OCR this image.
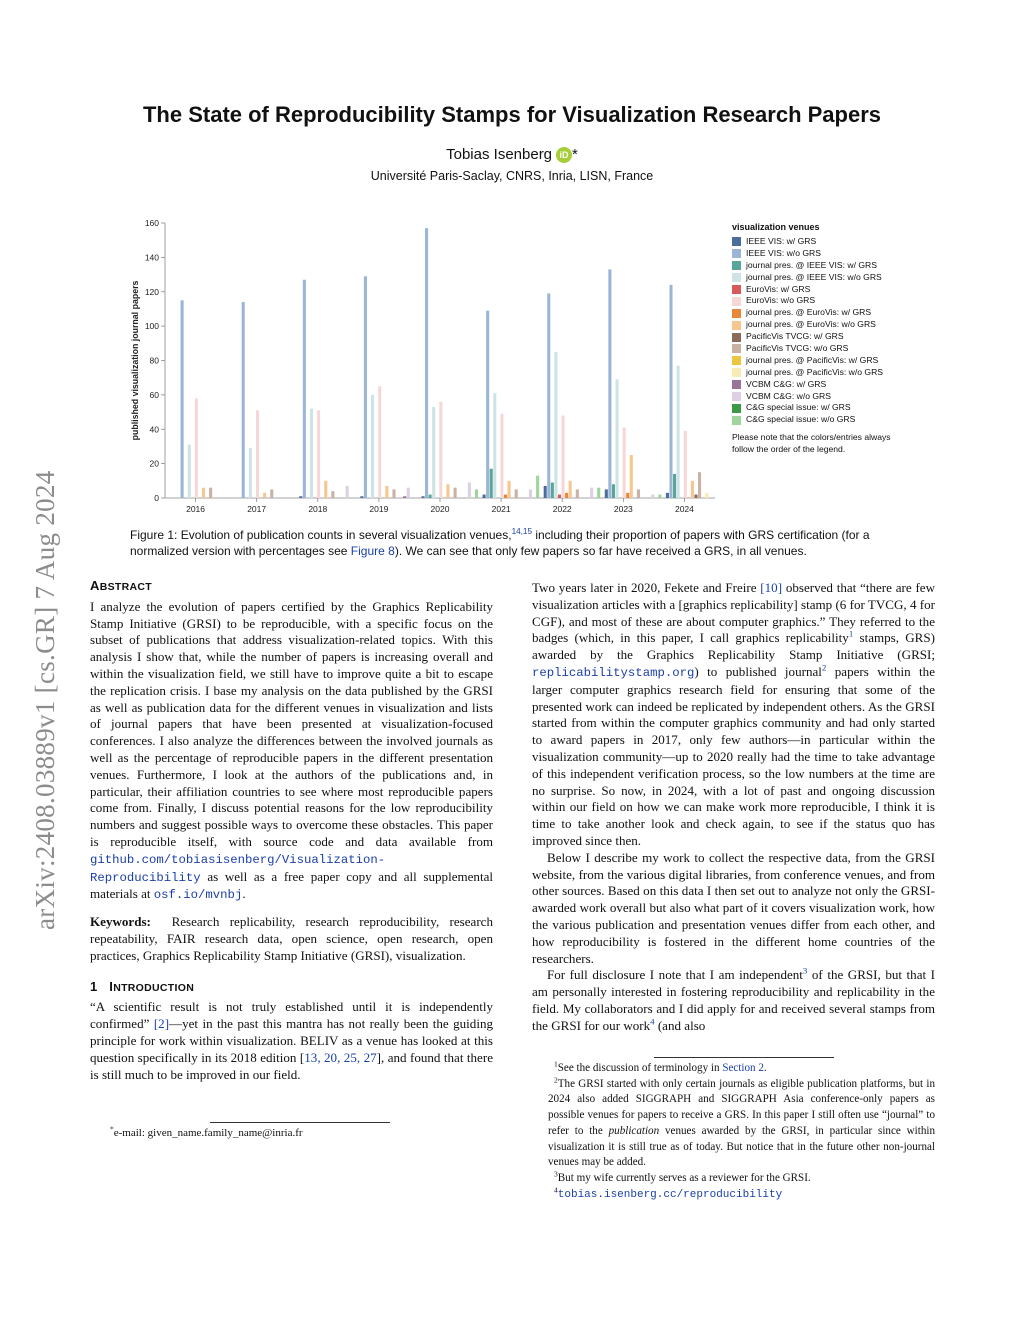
arXiv:2408.03889v1 [cs.GR] 7 Aug 2024
The State of Reproducibility Stamps for Visualization Research Papers
Tobias Isenberg iD *
Université Paris-Saclay, CNRS, Inria, LISN, France
0
20
40
60
80
100
120
140
160
published visualization journal papers
2016	2017	2018	2019	2020	2021	2022	2023	2024
visualization venues
IEEE VIS: w/ GRS
IEEE VIS: w/o GRS
journal pres. @ IEEE VIS: w/ GRS
journal pres. @ IEEE VIS: w/o GRS
EuroVis: w/ GRS
EuroVis: w/o GRS
journal pres. @ EuroVis: w/ GRS
journal pres. @ EuroVis: w/o GRS
PacificVis TVCG: w/ GRS
PacificVis TVCG: w/o GRS
journal pres. @ PacificVis: w/ GRS
journal pres. @ PacificVis: w/o GRS
VCBM C&G: w/ GRS
VCBM C&G: w/o GRS
C&G special issue: w/ GRS
C&G special issue: w/o GRS
Please note that the colors/entries always follow the order of the legend.
Figure 1: Evolution of publication counts in several visualization venues,$^{14,15}$ including their proportion of papers with GRS certification (for a normalized version with percentages see Figure 8). We can see that only few papers so far have received a GRS, in all venues.
ABSTRACT

I analyze the evolution of papers certified by the Graphics Replicability Stamp Initiative (GRSI) to be reproducible, with a specific focus on the subset of publications that address visualization-related topics. With this analysis I show that, while the number of papers is increasing overall and within the visualization field, we still have to improve quite a bit to escape the replication crisis. I base my analysis on the data published by the GRSI as well as publication data for the different venues in visualization and lists of journal papers that have been presented at visualization-focused conferences. I also analyze the differences between the involved journals as well as the percentage of reproducible papers in the different presentation venues. Furthermore, I look at the authors of the publications and, in particular, their affiliation countries to see where most reproducible papers come from. Finally, I discuss potential reasons for the low reproducibility numbers and suggest possible ways to overcome these obstacles. This paper is reproducible itself, with source code and data available from github.com/tobiasisenberg/Visualization-Reproducibility as well as a free paper copy and all supplemental materials at osf.io/mvnbj.

Keywords: Research replicability, research reproducibility, research repeatability, FAIR research data, open science, open research, open practices, Graphics Replicability Stamp Initiative (GRSI), visualization.

1 INTRODUCTION

“A scientific result is not truly established until it is independently confirmed” [2]—yet in the past this mantra has not really been the guiding principle for work within visualization. BELIV as a venue has looked at this question specifically in its 2018 edition [13, 20, 25, 27], and found that there is still much to be improved in our field.

*e-mail: given_name.family_name@inria.fr

Two years later in 2020, Fekete and Freire [10] observed that “there are few visualization articles with a [graphics replicability] stamp (6 for TVCG, 4 for CGF), and most of these are about computer graphics.” They referred to the badges (which, in this paper, I call graphics replicability$^1$ stamps, GRS) awarded by the Graphics Replicability Stamp Initiative (GRSI; replicabilitystamp.org) to published journal$^2$ papers within the larger computer graphics research field for ensuring that some of the presented work can indeed be replicated by independent others. As the GRSI started from within the computer graphics community and had only started to award papers in 2017, only few authors—in particular within the visualization community—up to 2020 really had the time to take advantage of this independent verification process, so the low numbers at the time are no surprise. So now, in 2024, with a lot of past and ongoing discussion within our field on how we can make work more reproducible, I think it is time to take another look and check again, to see if the status quo has improved since then.

Below I describe my work to collect the respective data, from the GRSI website, from the various digital libraries, from conference venues, and from other sources. Based on this data I then set out to analyze not only the GRSI-awarded work overall but also what part of it covers visualization work, how the various publication and presentation venues differ from each other, and how reproducibility is fostered in the different home countries of the researchers.

For full disclosure I note that I am independent$^3$ of the GRSI, but that I am personally interested in fostering reproducibility and replicability in the field. My collaborators and I did apply for and received several stamps from the GRSI for our work$^4$ (and also

$^1$See the discussion of terminology in Section 2.
$^2$The GRSI started with only certain journals as eligible publication platforms, but in 2024 also added SIGGRAPH and SIGGRAPH Asia conference-only papers as possible venues for papers to receive a GRS. In this paper I still often use “journal” to refer to the publication venues awarded by the GRSI, in particular since within visualization it is still true as of today. But notice that in the future other non-journal venues may be added.
$^3$But my wife currently serves as a reviewer for the GRSI.
$^4$tobias.isenberg.cc/reproducibility
